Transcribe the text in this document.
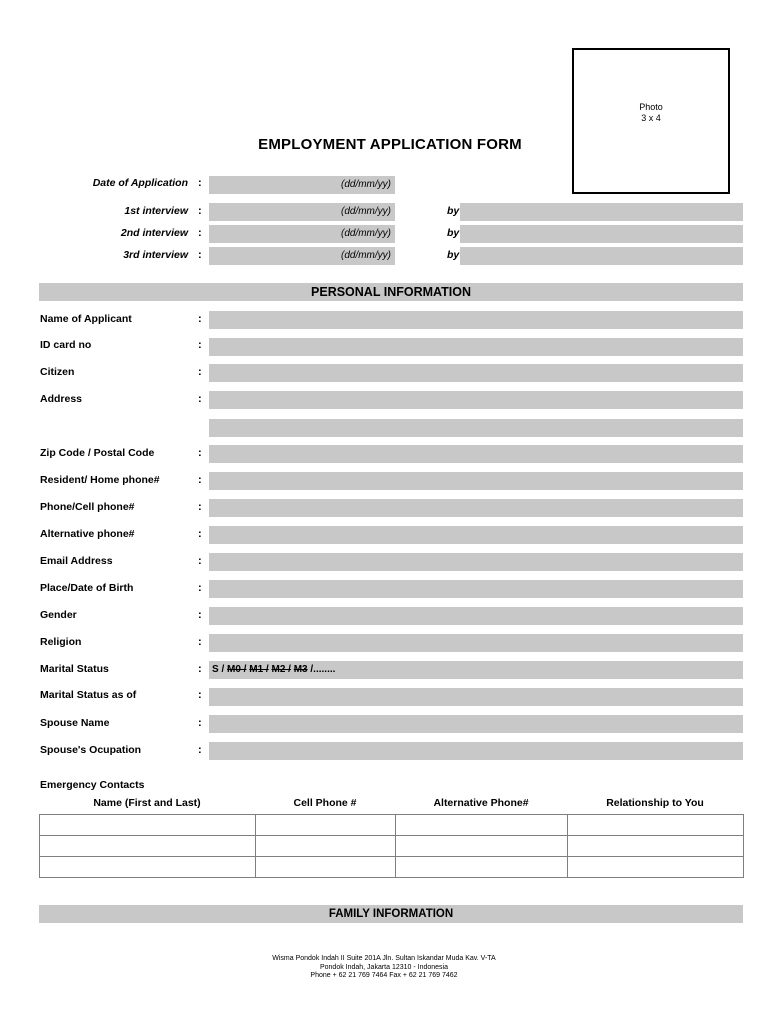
Photo
3 x 4
EMPLOYMENT APPLICATION FORM
Date of Application :	(dd/mm/yy)
1st interview :	(dd/mm/yy)	by
2nd interview :	(dd/mm/yy)	by
3rd interview :	(dd/mm/yy)	by
PERSONAL INFORMATION
Name of Applicant	:
ID card no	:
Citizen	:
Address	:
Zip Code / Postal Code	:
Resident/ Home phone#	:
Phone/Cell phone#	:
Alternative phone#	:
Email Address	:
Place/Date of Birth	:
Gender	:
Religion	:
Marital Status	:	S / M0 / M1 / M2 / M3 /........
Marital Status as of	:
Spouse Name	:
Spouse's Ocupation	:
Emergency Contacts
Name (First and Last)	Cell Phone #	Alternative Phone#	Relationship to You

FAMILY INFORMATION
Wisma Pondok Indah II Suite 201A Jln. Sultan Iskandar Muda Kav. V-TA
Pondok Indah, Jakarta 12310 - Indonesia
Phone + 62 21 769 7464 Fax + 62 21 769 7462
